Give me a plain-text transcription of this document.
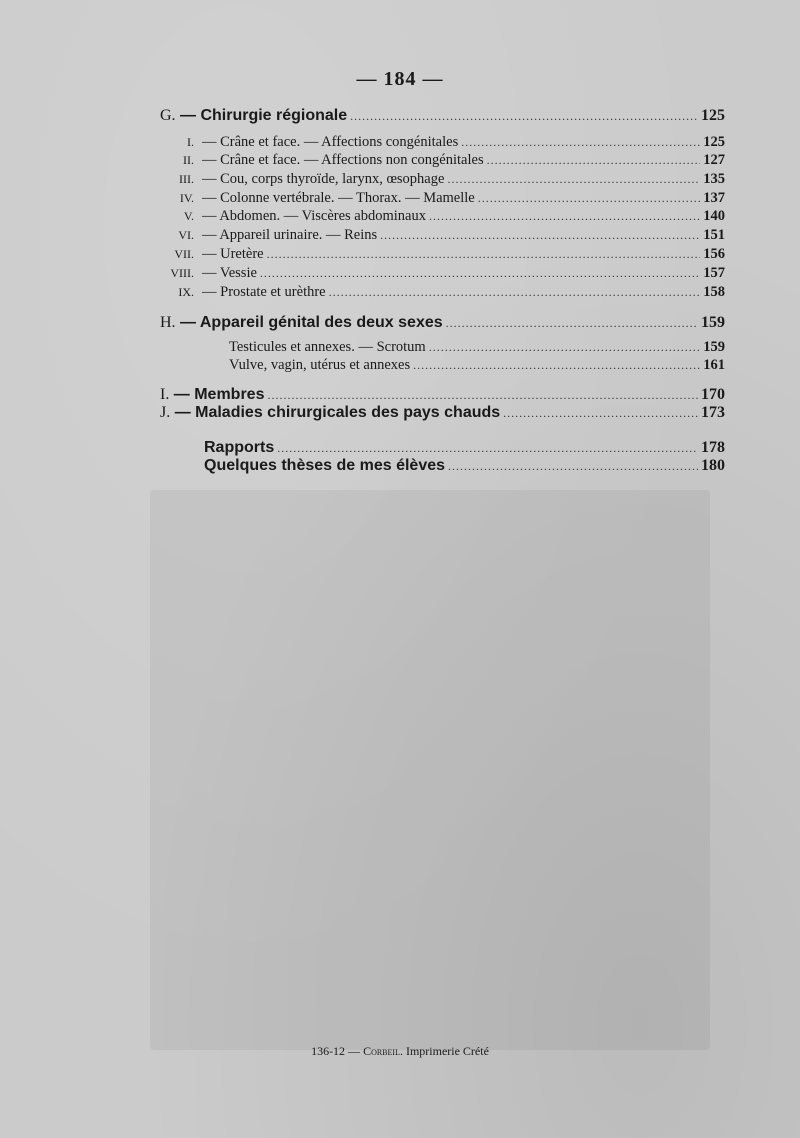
— 184 —
G. — Chirurgie régionale .....	125
I. — Crâne et face. — Affections congénitales .....	125
II. — Crâne et face. — Affections non congénitales .....	127
III. — Cou, corps thyroïde, larynx, œsophage .....	135
IV. — Colonne vertébrale. — Thorax. — Mamelle .....	137
V. — Abdomen. — Viscères abdominaux .....	140
VI. — Appareil urinaire. — Reins .....	151
VII. — Uretère .....	156
VIII. — Vessie .....	157
IX. — Prostate et urèthre .....	158
H. — Appareil génital des deux sexes .....	159
Testicules et annexes. — Scrotum .....	159
Vulve, vagin, utérus et annexes .....	161
I. — Membres .....	170
J. — Maladies chirurgicales des pays chauds .....	173
Rapports .....	178
Quelques thèses de mes élèves .....	180
136-12 — Corbeil. Imprimerie Crété
